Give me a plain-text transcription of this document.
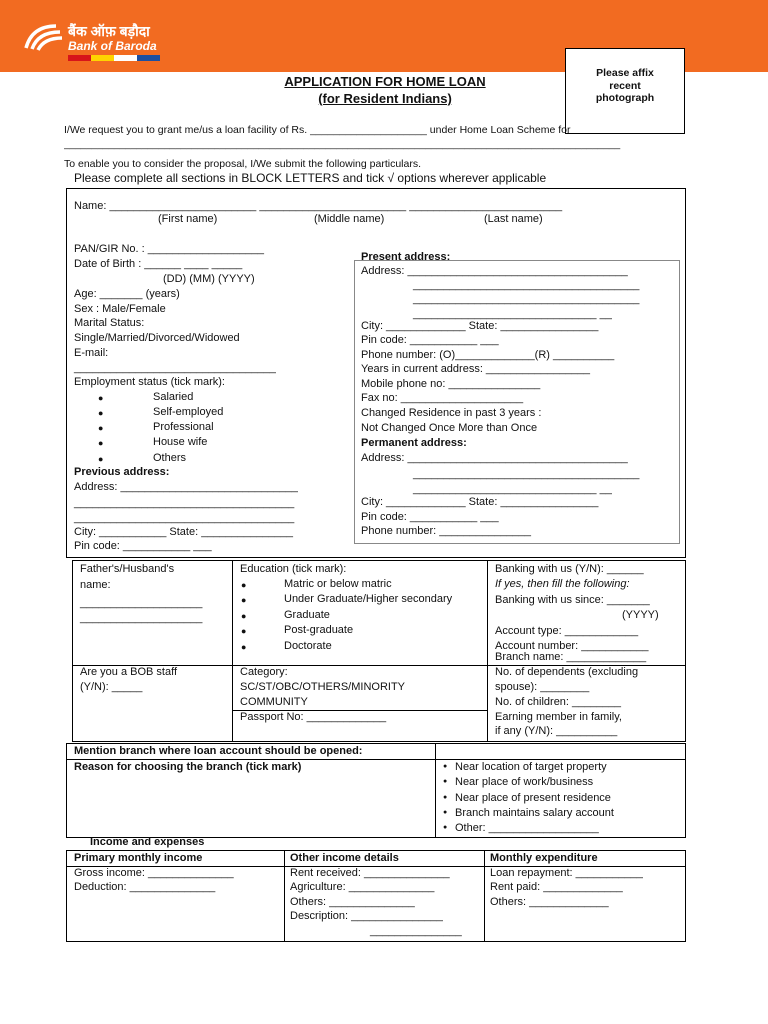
बैंक ऑफ़ बड़ौदा
Bank of Baroda
Please affix
recent
photograph
APPLICATION FOR HOME LOAN
(for Resident Indians)
I/We request you to grant me/us a loan facility of Rs. ____________________ under Home Loan Scheme for
____________________________________________________________________________________________________
To enable you to consider the proposal, I/We submit the following particulars.
Please complete all sections in BLOCK LETTERS and tick √ options wherever applicable
Name: ________________________ ________________________ _________________________
(First name)	(Middle name)	(Last name)
PAN/GIR No. : ___________________
Date of Birth : ______ ____ _____
(DD) (MM) (YYYY)
Age: _______ (years)
Sex : Male/Female
Marital Status:
Single/Married/Divorced/Widowed
E-mail:
_________________________________
Employment status (tick mark):
●	Salaried
●	Self-employed
●	Professional
●	House wife
●	Others
Previous address:
Address: _____________________________
____________________________________
____________________________________
City: ___________ State: _______________
Pin code: ___________ ___
Present address:
Address: ____________________________________
_____________________________________
_____________________________________
______________________________ __
City: _____________ State: ________________
Pin code: ___________ ___
Phone number: (O)_____________(R) __________
Years in current address: _________________
Mobile phone no: _______________
Fax no: ____________________
Changed Residence in past 3 years :
Not Changed Once More than Once
Permanent address:
Address: ____________________________________
_____________________________________
______________________________ __
City: _____________ State: ________________
Pin code: ___________ ___
Phone number: _______________
Father's/Husband's
name:
____________________
____________________
Education (tick mark):
●	Matric or below matric
●	Under Graduate/Higher secondary
●	Graduate
●	Post-graduate
●	Doctorate
Banking with us (Y/N): ______
If yes, then fill the following:
Banking with us since: _______
(YYYY)
Account type: ____________
Account number: ___________
Branch name: _____________
Are you a BOB staff
(Y/N): _____
Category:
SC/ST/OBC/OTHERS/MINORITY
COMMUNITY
Passport No: _____________
No. of dependents (excluding
spouse): ________
No. of children: ________
Earning member in family,
if any (Y/N): __________
Mention branch where loan account should be opened:
Reason for choosing the branch (tick mark)	● Near location of target property
● Near place of work/business
● Near place of present residence
● Branch maintains salary account
● Other: __________________
Income and expenses
Primary monthly income
Gross income: ______________
Deduction: ______________
Other income details
Rent received: ______________
Agriculture: ______________
Others: ______________
Description: _______________
_______________
Monthly expenditure
Loan repayment: ___________
Rent paid: _____________
Others: _____________
